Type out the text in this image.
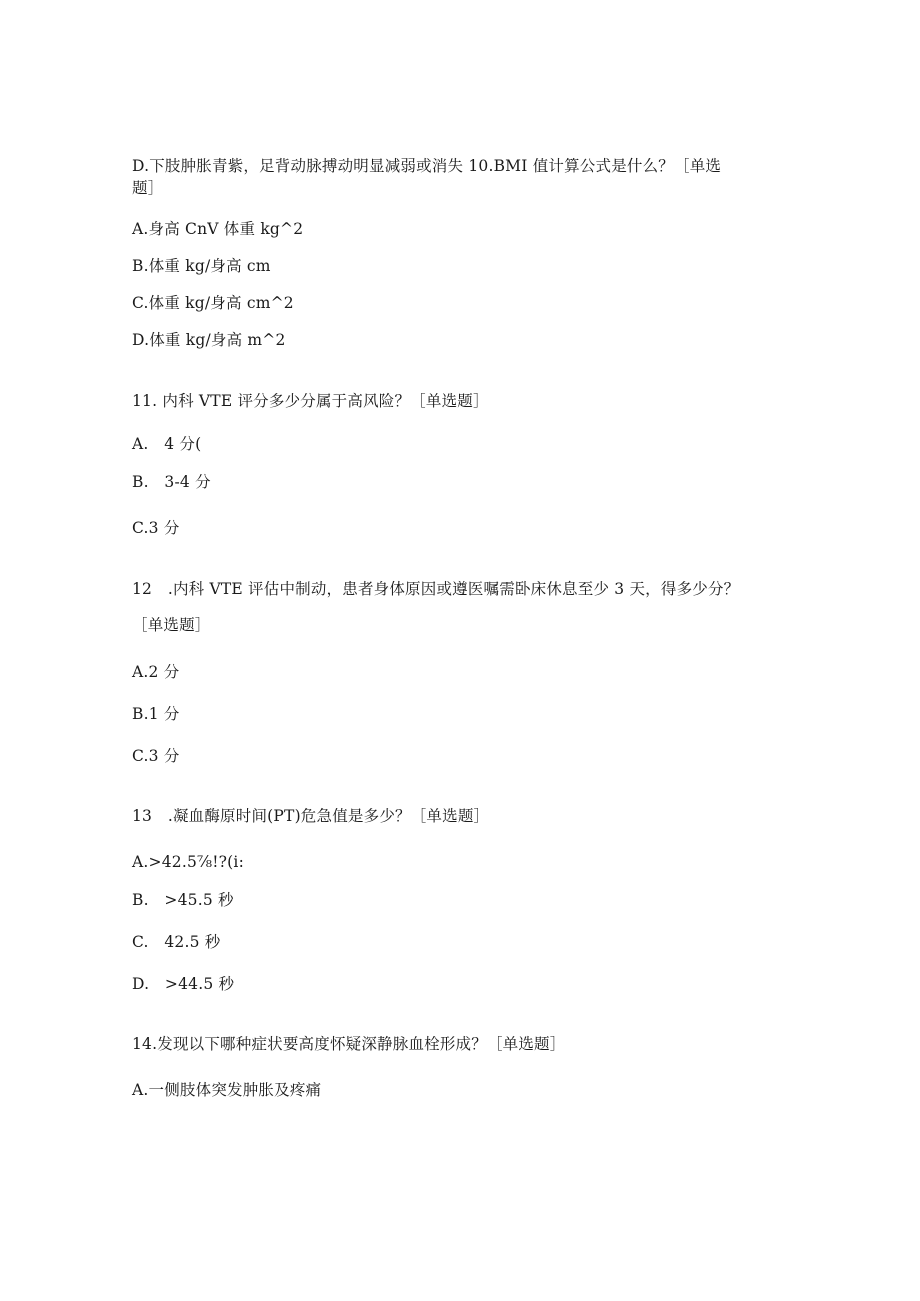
D.下肢肿胀青紫，足背动脉搏动明显减弱或消失 10.BMI 值计算公式是什么？［单选
题］
A.身高 CnV 体重 kg^2
B.体重 kg/身高 cm
C.体重 kg/身高 cm^2
D.体重 kg/身高 m^2
11. 内科 VTE 评分多少分属于高风险？［单选题］
A.　4 分(
B.　3-4 分
C.3 分
12　.内科 VTE 评估中制动，患者身体原因或遵医嘱需卧床休息至少 3 天，得多少分？
［单选题］
A.2 分
B.1 分
C.3 分
13　.凝血酶原时间(PT)危急值是多少？［单选题］
A.>42.5⅞!?(ⅰ:
B.　>45.5 秒
C.　42.5 秒
D.　>44.5 秒
14.发现以下哪种症状要高度怀疑深静脉血栓形成？［单选题］
A.一侧肢体突发肿胀及疼痛
